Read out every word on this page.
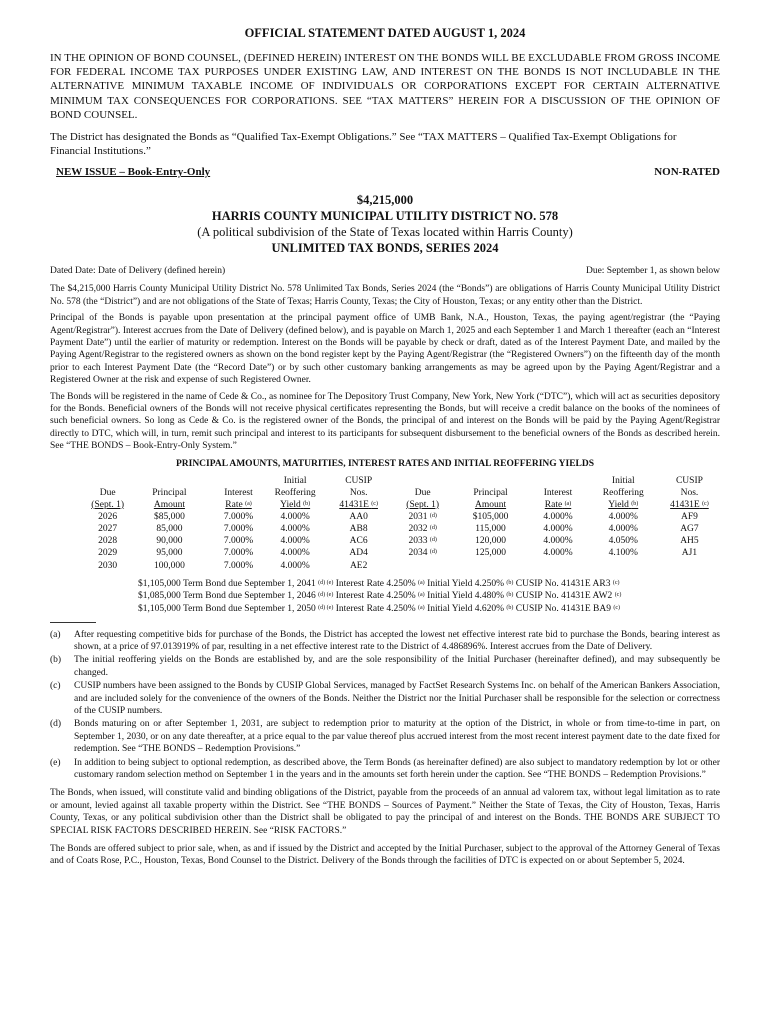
OFFICIAL STATEMENT DATED AUGUST 1, 2024
IN THE OPINION OF BOND COUNSEL, (DEFINED HEREIN) INTEREST ON THE BONDS WILL BE EXCLUDABLE FROM GROSS INCOME FOR FEDERAL INCOME TAX PURPOSES UNDER EXISTING LAW, AND INTEREST ON THE BONDS IS NOT INCLUDABLE IN THE ALTERNATIVE MINIMUM TAXABLE INCOME OF INDIVIDUALS OR CORPORATIONS EXCEPT FOR CERTAIN ALTERNATIVE MINIMUM TAX CONSEQUENCES FOR CORPORATIONS. SEE “TAX MATTERS” HEREIN FOR A DISCUSSION OF THE OPINION OF BOND COUNSEL.
The District has designated the Bonds as “Qualified Tax-Exempt Obligations.” See “TAX MATTERS – Qualified Tax-Exempt Obligations for Financial Institutions.”
NEW ISSUE – Book-Entry-Only	NON-RATED
$4,215,000
HARRIS COUNTY MUNICIPAL UTILITY DISTRICT NO. 578
(A political subdivision of the State of Texas located within Harris County)
UNLIMITED TAX BONDS, SERIES 2024
Dated Date: Date of Delivery (defined herein)	Due: September 1, as shown below
The $4,215,000 Harris County Municipal Utility District No. 578 Unlimited Tax Bonds, Series 2024 (the “Bonds”) are obligations of Harris County Municipal Utility District No. 578 (the “District”) and are not obligations of the State of Texas; Harris County, Texas; the City of Houston, Texas; or any entity other than the District.
Principal of the Bonds is payable upon presentation at the principal payment office of UMB Bank, N.A., Houston, Texas, the paying agent/registrar (the “Paying Agent/Registrar”). Interest accrues from the Date of Delivery (defined below), and is payable on March 1, 2025 and each September 1 and March 1 thereafter (each an “Interest Payment Date”) until the earlier of maturity or redemption. Interest on the Bonds will be payable by check or draft, dated as of the Interest Payment Date, and mailed by the Paying Agent/Registrar to the registered owners as shown on the bond register kept by the Paying Agent/Registrar (the “Registered Owners”) on the fifteenth day of the month prior to each Interest Payment Date (the “Record Date”) or by such other customary banking arrangements as may be agreed upon by the Paying Agent/Registrar and a Registered Owner at the risk and expense of such Registered Owner.
The Bonds will be registered in the name of Cede & Co., as nominee for The Depository Trust Company, New York, New York (“DTC”), which will act as securities depository for the Bonds. Beneficial owners of the Bonds will not receive physical certificates representing the Bonds, but will receive a credit balance on the books of the nominees of such beneficial owners. So long as Cede & Co. is the registered owner of the Bonds, the principal of and interest on the Bonds will be paid by the Paying Agent/Registrar directly to DTC, which will, in turn, remit such principal and interest to its participants for subsequent disbursement to the beneficial owners of the Bonds as described herein. See “THE BONDS – Book-Entry-Only System.”
PRINCIPAL AMOUNTS, MATURITIES, INTEREST RATES AND INITIAL REOFFERING YIELDS
				Initial	CUSIP				Initial	CUSIP
	Due	Principal	Interest	Reoffering	Nos.	Due	Principal	Interest	Reoffering	Nos.
	(Sept. 1)	Amount	Rate $^{(a)}$	Yield $^{(b)}$	41431E $^{(c)}$	(Sept. 1)	Amount	Rate $^{(a)}$	Yield $^{(b)}$	41431E $^{(c)}$
	2026	$85,000	7.000%	4.000%	AA0	2031 $^{(d)}$	$105,000	4.000%	4.000%	AF9
	2027	85,000	7.000%	4.000%	AB8	2032 $^{(d)}$	115,000	4.000%	4.000%	AG7
	2028	90,000	7.000%	4.000%	AC6	2033 $^{(d)}$	120,000	4.000%	4.050%	AH5
	2029	95,000	7.000%	4.000%	AD4	2034 $^{(d)}$	125,000	4.000%	4.100%	AJ1
	2030	100,000	7.000%	4.000%	AE2					
$1,105,000 Term Bond due September 1, 2041 $^{(d) (e)}$ Interest Rate 4.250% $^{(a)}$ Initial Yield 4.250% $^{(b)}$ CUSIP No. 41431E AR3 $^{(c)}$
$1,085,000 Term Bond due September 1, 2046 $^{(d) (e)}$ Interest Rate 4.250% $^{(a)}$ Initial Yield 4.480% $^{(b)}$ CUSIP No. 41431E AW2 $^{(c)}$
$1,105,000 Term Bond due September 1, 2050 $^{(d) (e)}$ Interest Rate 4.250% $^{(a)}$ Initial Yield 4.620% $^{(b)}$ CUSIP No. 41431E BA9 $^{(c)}$
(a)	After requesting competitive bids for purchase of the Bonds, the District has accepted the lowest net effective interest rate bid to purchase the Bonds, bearing interest as shown, at a price of 97.013919% of par, resulting in a net effective interest rate to the District of 4.486896%. Interest accrues from the Date of Delivery.
(b)	The initial reoffering yields on the Bonds are established by, and are the sole responsibility of the Initial Purchaser (hereinafter defined), and may subsequently be changed.
(c)	CUSIP numbers have been assigned to the Bonds by CUSIP Global Services, managed by FactSet Research Systems Inc. on behalf of the American Bankers Association, and are included solely for the convenience of the owners of the Bonds. Neither the District nor the Initial Purchaser shall be responsible for the selection or correctness of the CUSIP numbers.
(d)	Bonds maturing on or after September 1, 2031, are subject to redemption prior to maturity at the option of the District, in whole or from time-to-time in part, on September 1, 2030, or on any date thereafter, at a price equal to the par value thereof plus accrued interest from the most recent interest payment date to the date fixed for redemption. See “THE BONDS – Redemption Provisions.”
(e)	In addition to being subject to optional redemption, as described above, the Term Bonds (as hereinafter defined) are also subject to mandatory redemption by lot or other customary random selection method on September 1 in the years and in the amounts set forth herein under the caption. See “THE BONDS – Redemption Provisions.”
The Bonds, when issued, will constitute valid and binding obligations of the District, payable from the proceeds of an annual ad valorem tax, without legal limitation as to rate or amount, levied against all taxable property within the District. See “THE BONDS – Sources of Payment.” Neither the State of Texas, the City of Houston, Texas, Harris County, Texas, or any political subdivision other than the District shall be obligated to pay the principal of and interest on the Bonds. THE BONDS ARE SUBJECT TO SPECIAL RISK FACTORS DESCRIBED HEREIN. See “RISK FACTORS.”
The Bonds are offered subject to prior sale, when, as and if issued by the District and accepted by the Initial Purchaser, subject to the approval of the Attorney General of Texas and of Coats Rose, P.C., Houston, Texas, Bond Counsel to the District. Delivery of the Bonds through the facilities of DTC is expected on or about September 5, 2024.
